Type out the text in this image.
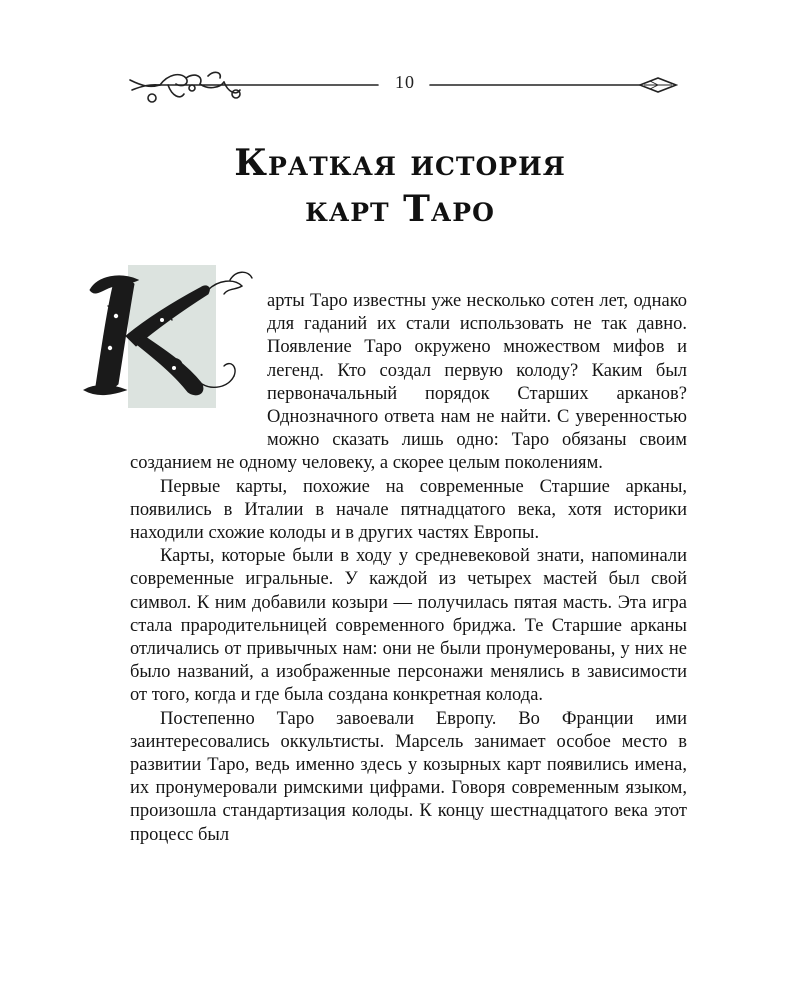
10
Краткая история
карт Таро

арты Таро известны уже несколько сотен лет, однако для гаданий их стали использовать не так давно. Появление Таро окружено множеством мифов и легенд. Кто создал первую колоду? Каким был первоначальный порядок Старших арканов? Однозначного ответа нам не найти. С уверенностью можно сказать лишь одно: Таро обязаны своим созданием не одному человеку, а скорее целым поколениям.

Первые карты, похожие на современные Старшие арканы, появились в Италии в начале пятнадцатого века, хотя историки находили схожие колоды и в других частях Европы.

Карты, которые были в ходу у средневековой знати, напоминали современные игральные. У каждой из четырех мастей был свой символ. К ним добавили козыри — получилась пятая масть. Эта игра стала прародительницей современного бриджа. Те Старшие арканы отличались от привычных нам: они не были пронумерованы, у них не было названий, а изображенные персонажи менялись в зависимости от того, когда и где была создана конкретная колода.

Постепенно Таро завоевали Европу. Во Франции ими заинтересовались оккультисты. Марсель занимает особое место в развитии Таро, ведь именно здесь у козырных карт появились имена, их пронумеровали римскими цифрами. Говоря современным языком, произошла стандартизация колоды. К концу шестнадцатого века этот процесс был
